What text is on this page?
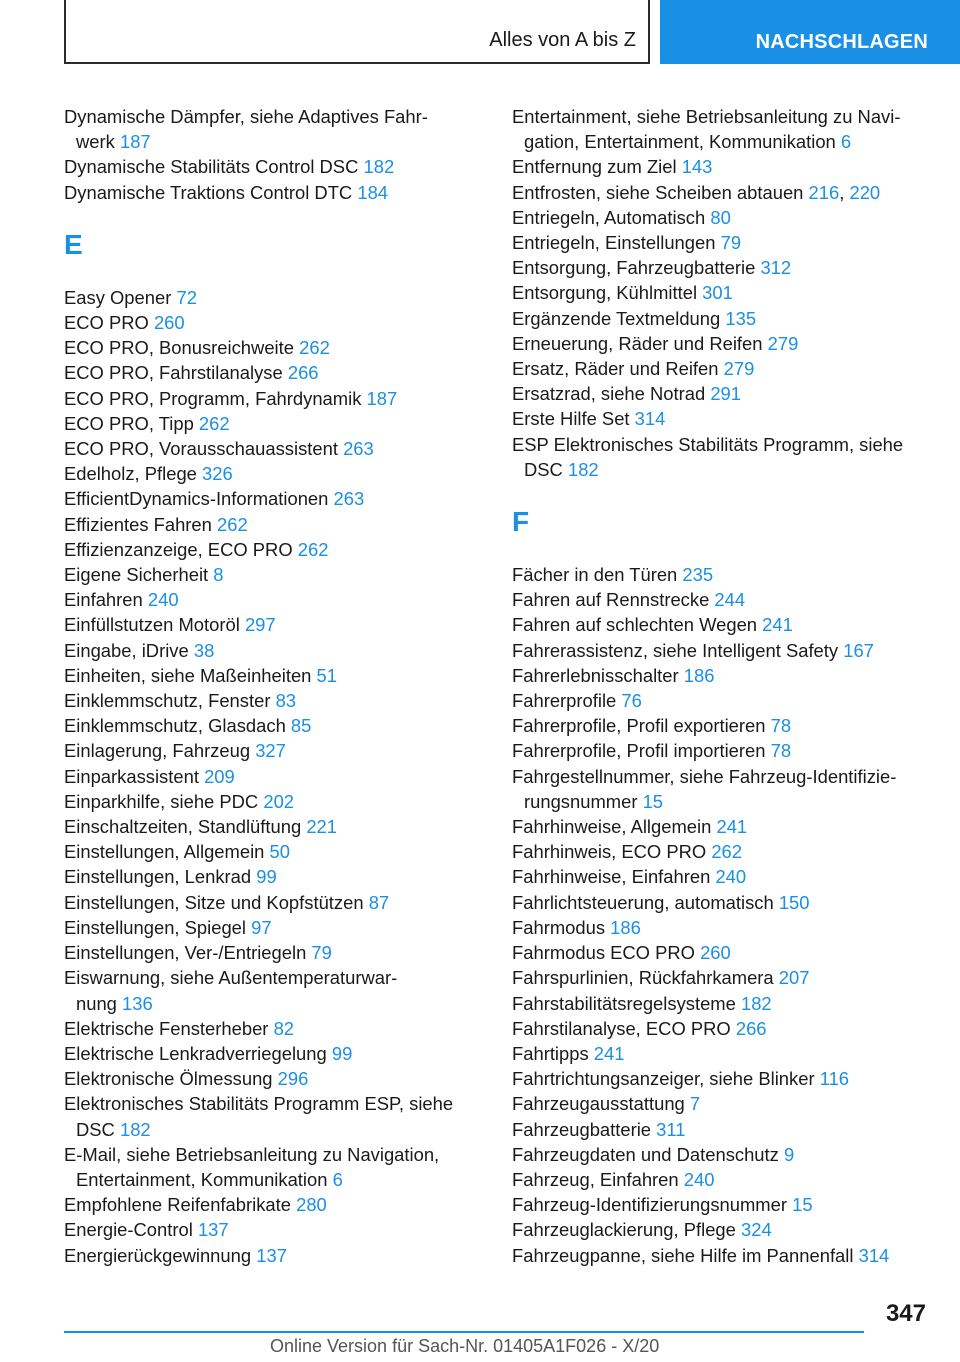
Alles von A bis Z	NACHSCHLAGEN
Dynamische Dämpfer, siehe Adaptives Fahr-
werk 187
Dynamische Stabilitäts Control DSC 182
Dynamische Traktions Control DTC 184
E
Easy Opener 72
ECO PRO 260
ECO PRO, Bonusreichweite 262
ECO PRO, Fahrstilanalyse 266
ECO PRO, Programm, Fahrdynamik 187
ECO PRO, Tipp 262
ECO PRO, Vorausschauassistent 263
Edelholz, Pflege 326
EfficientDynamics-Informationen 263
Effizientes Fahren 262
Effizienzanzeige, ECO PRO 262
Eigene Sicherheit 8
Einfahren 240
Einfüllstutzen Motoröl 297
Eingabe, iDrive 38
Einheiten, siehe Maßeinheiten 51
Einklemmschutz, Fenster 83
Einklemmschutz, Glasdach 85
Einlagerung, Fahrzeug 327
Einparkassistent 209
Einparkhilfe, siehe PDC 202
Einschaltzeiten, Standlüftung 221
Einstellungen, Allgemein 50
Einstellungen, Lenkrad 99
Einstellungen, Sitze und Kopfstützen 87
Einstellungen, Spiegel 97
Einstellungen, Ver-/Entriegeln 79
Eiswarnung, siehe Außentemperaturwar-
nung 136
Elektrische Fensterheber 82
Elektrische Lenkradverriegelung 99
Elektronische Ölmessung 296
Elektronisches Stabilitäts Programm ESP, siehe
DSC 182
E-Mail, siehe Betriebsanleitung zu Navigation,
Entertainment, Kommunikation 6
Empfohlene Reifenfabrikate 280
Energie-Control 137
Energierückgewinnung 137
Entertainment, siehe Betriebsanleitung zu Navi-
gation, Entertainment, Kommunikation 6
Entfernung zum Ziel 143
Entfrosten, siehe Scheiben abtauen 216, 220
Entriegeln, Automatisch 80
Entriegeln, Einstellungen 79
Entsorgung, Fahrzeugbatterie 312
Entsorgung, Kühlmittel 301
Ergänzende Textmeldung 135
Erneuerung, Räder und Reifen 279
Ersatz, Räder und Reifen 279
Ersatzrad, siehe Notrad 291
Erste Hilfe Set 314
ESP Elektronisches Stabilitäts Programm, siehe
DSC 182
F
Fächer in den Türen 235
Fahren auf Rennstrecke 244
Fahren auf schlechten Wegen 241
Fahrerassistenz, siehe Intelligent Safety 167
Fahrerlebnisschalter 186
Fahrerprofile 76
Fahrerprofile, Profil exportieren 78
Fahrerprofile, Profil importieren 78
Fahrgestellnummer, siehe Fahrzeug-Identifizie-
rungsnummer 15
Fahrhinweise, Allgemein 241
Fahrhinweis, ECO PRO 262
Fahrhinweise, Einfahren 240
Fahrlichtsteuerung, automatisch 150
Fahrmodus 186
Fahrmodus ECO PRO 260
Fahrspurlinien, Rückfahrkamera 207
Fahrstabilitätsregelsysteme 182
Fahrstilanalyse, ECO PRO 266
Fahrtipps 241
Fahrtrichtungsanzeiger, siehe Blinker 116
Fahrzeugausstattung 7
Fahrzeugbatterie 311
Fahrzeugdaten und Datenschutz 9
Fahrzeug, Einfahren 240
Fahrzeug-Identifizierungsnummer 15
Fahrzeuglackierung, Pflege 324
Fahrzeugpanne, siehe Hilfe im Pannenfall 314
347
Online Version für Sach-Nr. 01405A1F026 - X/20
